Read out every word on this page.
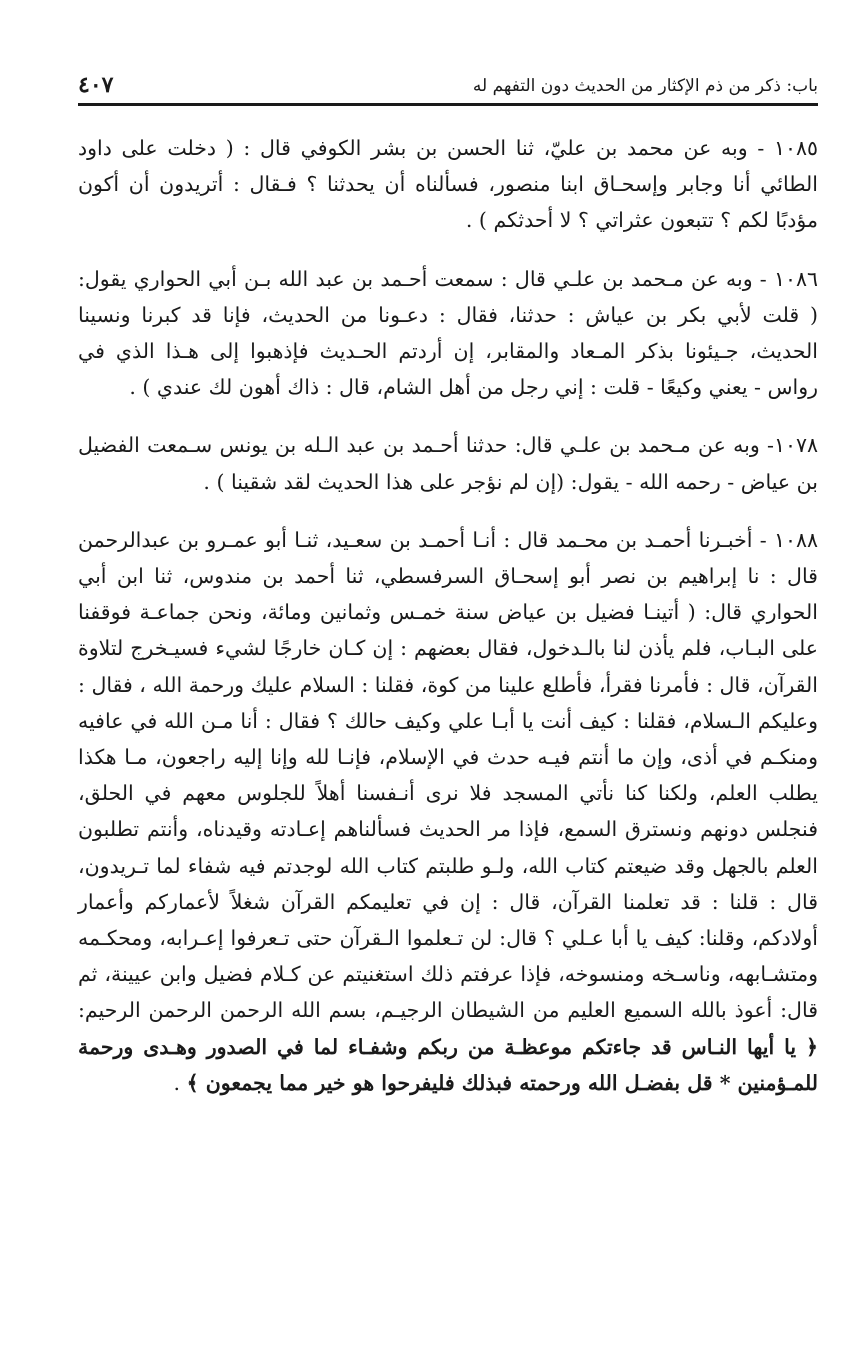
باب: ذكر من ذم الإكثار من الحديث دون التفهم له
٤٠٧

١٠٨٥ - وبه عن محمد بن عليّ، ثنا الحسن بن بشر الكوفي قال : ( دخلت على داود الطائي أنا وجابر وإسحـاق ابنا منصور، فسألناه أن يحدثنا ؟ فـقال : أتريدون أن أكون مؤدبًا لكم ؟ تتبعون عثراتي ؟ لا أحدثكم ) .

١٠٨٦ - وبه عن مـحمد بن علـي قال : سمعت أحـمد بن عبد الله بـن أبي الحواري يقول: ( قلت لأبي بكر بن عياش : حدثنا، فقال : دعـونا من الحديث، فإنا قد كبرنا ونسينا الحديث، جـيئونا بذكر المـعاد والمقابر، إن أردتم الحـديث فإذهبوا إلى هـذا الذي في رواس - يعني وكيعًا - قلت : إني رجل من أهل الشام، قال : ذاك أهون لك عندي ) .

١٠٧٨- وبه عن مـحمد بن علـي قال: حدثنا أحـمد بن عبد الـله بن يونس سـمعت الفضيل بن عياض - رحمه الله - يقول: (إن لم نؤجر على هذا الحديث لقد شقينا ) .

١٠٨٨ - أخبـرنا أحمـد بن محـمد قال : أنـا أحمـد بن سعـيد، ثنـا أبو عمـرو بن عبدالرحمن قال : نا إبراهيم بن نصر أبو إسحـاق السرفسطي، ثنا أحمد بن مندوس، ثنا ابن أبي الحواري قال: ( أتينـا فضيل بن عياض سنة خمـس وثمانين ومائة، ونحن جماعـة فوقفنا على البـاب، فلم يأذن لنا بالـدخول، فقال بعضهم : إن كـان خارجًا لشيء فسيـخرج لتلاوة القرآن، قال : فأمرنا فقرأ، فأطلع علينا من كوة، فقلنا : السلام عليك ورحمة الله ، فقال : وعليكم الـسلام، فقلنا : كيف أنت يا أبـا علي وكيف حالك ؟ فقال : أنا مـن الله في عافيه ومنكـم في أذى، وإن ما أنتم فيـه حدث في الإسلام، فإنـا لله وإنا إليه راجعون، مـا هكذا يطلب العلم، ولكنا كنا نأتي المسجد فلا نرى أنـفسنا أهلاً للجلوس معهم في الحلق، فنجلس دونهم ونسترق السمع، فإذا مر الحديث فسألناهم إعـادته وقيدناه، وأنتم تطلبون العلم بالجهل وقد ضيعتم كتاب الله، ولـو طلبتم كتاب الله لوجدتم فيه شفاء لما تـريدون، قال : قلنا : قد تعلمنا القرآن، قال : إن في تعليمكم القرآن شغلاً لأعماركم وأعمار أولادكم، وقلنا: كيف يا أبا عـلي ؟ قال: لن تـعلموا الـقرآن حتى تـعرفوا إعـرابه، ومحكـمه ومتشـابهه، وناسـخه ومنسوخه، فإذا عرفتم ذلك استغنيتم عن كـلام فضيل وابن عيينة، ثم قال: أعوذ بالله السميع العليم من الشيطان الرجيـم، بسم الله الرحمن الرحمن الرحيم: ﴿ يا أيها النـاس قد جاءتكم موعظـة من ربكم وشفـاء لما في الصدور وهـدى ورحمة للمـؤمنين * قل بفضـل الله ورحمته فبذلك فليفرحوا هو خير مما يجمعون ﴾ .
